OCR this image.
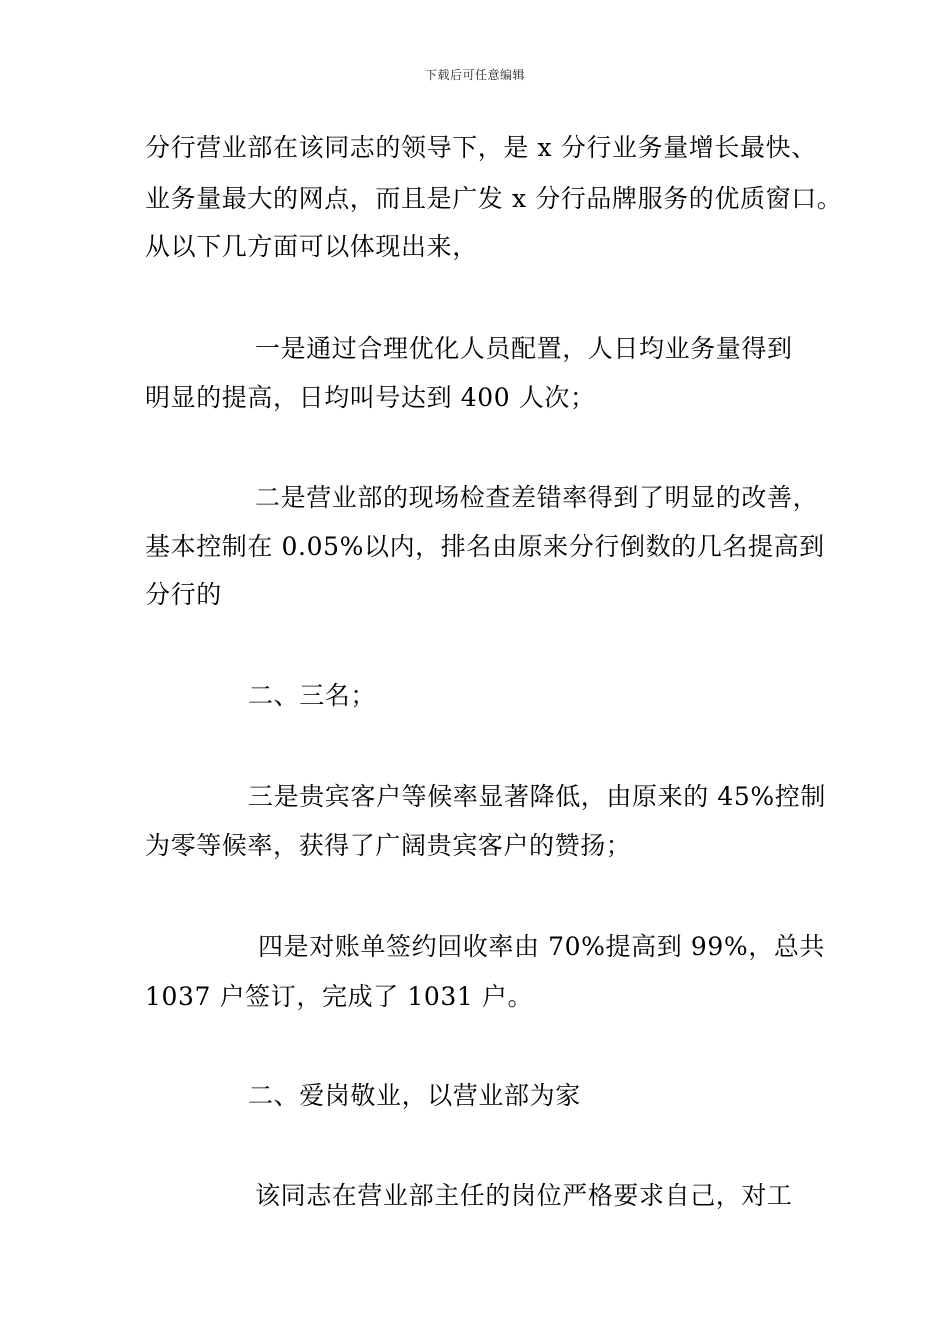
下载后可任意编辑
分行营业部在该同志的领导下，是 x 分行业务量增长最快、
业务量最大的网点，而且是广发 x 分行品牌服务的优质窗口。
从以下几方面可以体现出来，
一是通过合理优化人员配置，人日均业务量得到
明显的提高，日均叫号达到 400 人次；
二是营业部的现场检查差错率得到了明显的改善，
基本控制在 0.05%以内，排名由原来分行倒数的几名提高到
分行的
二、三名；
三是贵宾客户等候率显著降低，由原来的 45%控制
为零等候率，获得了广阔贵宾客户的赞扬；
四是对账单签约回收率由 70%提高到 99%，总共
1037 户签订，完成了 1031 户。
二、爱岗敬业，以营业部为家
该同志在营业部主任的岗位严格要求自己，对工
